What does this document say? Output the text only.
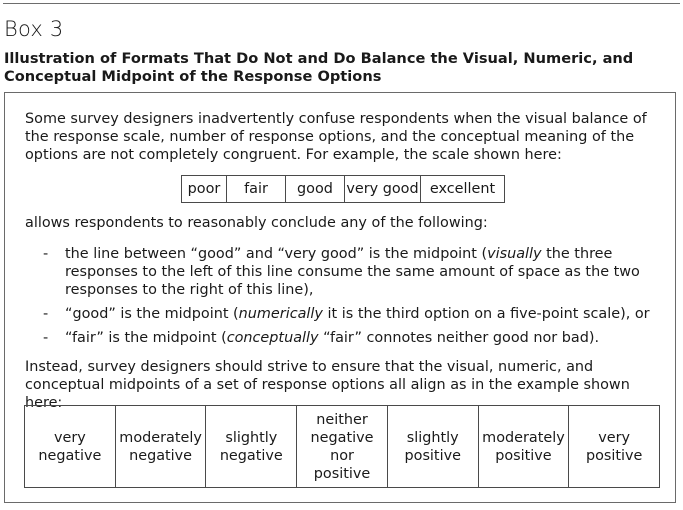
Box 3
Illustration of Formats That Do Not and Do Balance the Visual, Numeric, and Conceptual Midpoint of the Response Options
Some survey designers inadvertently confuse respondents when the visual balance of the response scale, number of response options, and the conceptual meaning of the options are not completely congruent. For example, the scale shown here:
poor	fair	good very good excellent
allows respondents to reasonably conclude any of the following:
- the line between “good” and “very good” is the midpoint (visually the three responses to the left of this line consume the same amount of space as the two responses to the right of this line),
- “good” is the midpoint (numerically it is the third option on a five-point scale), or
- “fair” is the midpoint (conceptually “fair” connotes neither good nor bad).
Instead, survey designers should strive to ensure that the visual, numeric, and conceptual midpoints of a set of response options all align as in the example shown here:
very negative
moderately negative
slightly negative
neither negative nor positive
slightly positive
moderately positive
very positive
